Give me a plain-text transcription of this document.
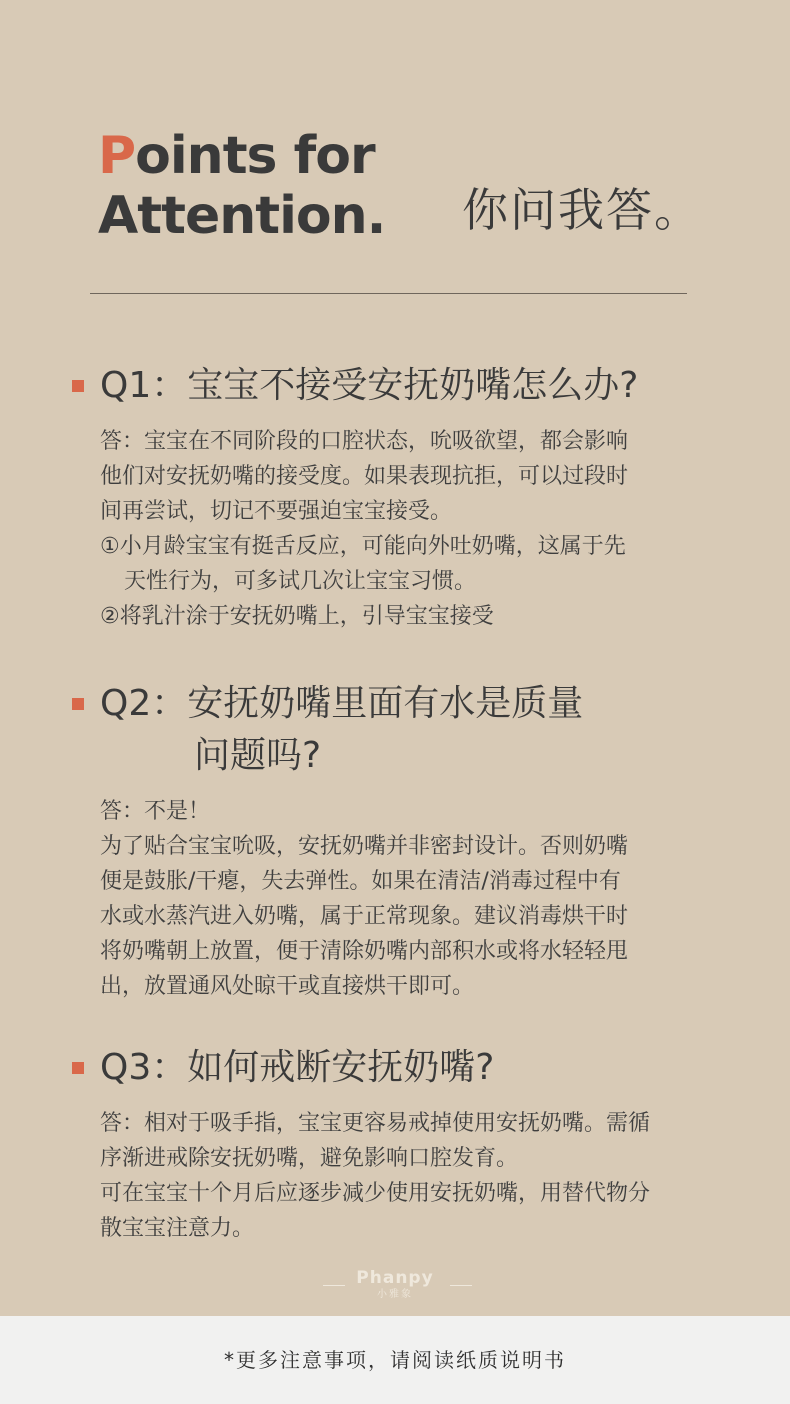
Points for
Attention. 你问我答。
Q1：宝宝不接受安抚奶嘴怎么办?

答：宝宝在不同阶段的口腔状态，吮吸欲望，都会影响

他们对安抚奶嘴的接受度。如果表现抗拒，可以过段时

间再尝试，切记不要强迫宝宝接受。

①小月龄宝宝有挺舌反应，可能向外吐奶嘴，这属于先

天性行为，可多试几次让宝宝习惯。

②将乳汁涂于安抚奶嘴上，引导宝宝接受

Q2：安抚奶嘴里面有水是质量
问题吗?

答：不是！

为了贴合宝宝吮吸，安抚奶嘴并非密封设计。否则奶嘴

便是鼓胀/干瘪，失去弹性。如果在清洁/消毒过程中有

水或水蒸汽进入奶嘴，属于正常现象。建议消毒烘干时

将奶嘴朝上放置，便于清除奶嘴内部积水或将水轻轻甩

出，放置通风处晾干或直接烘干即可。

Q3：如何戒断安抚奶嘴?

答：相对于吸手指，宝宝更容易戒掉使用安抚奶嘴。需循

序渐进戒除安抚奶嘴，避免影响口腔发育。

可在宝宝十个月后应逐步减少使用安抚奶嘴，用替代物分

散宝宝注意力。

Phanpy
小雅象
*更多注意事项，请阅读纸质说明书
